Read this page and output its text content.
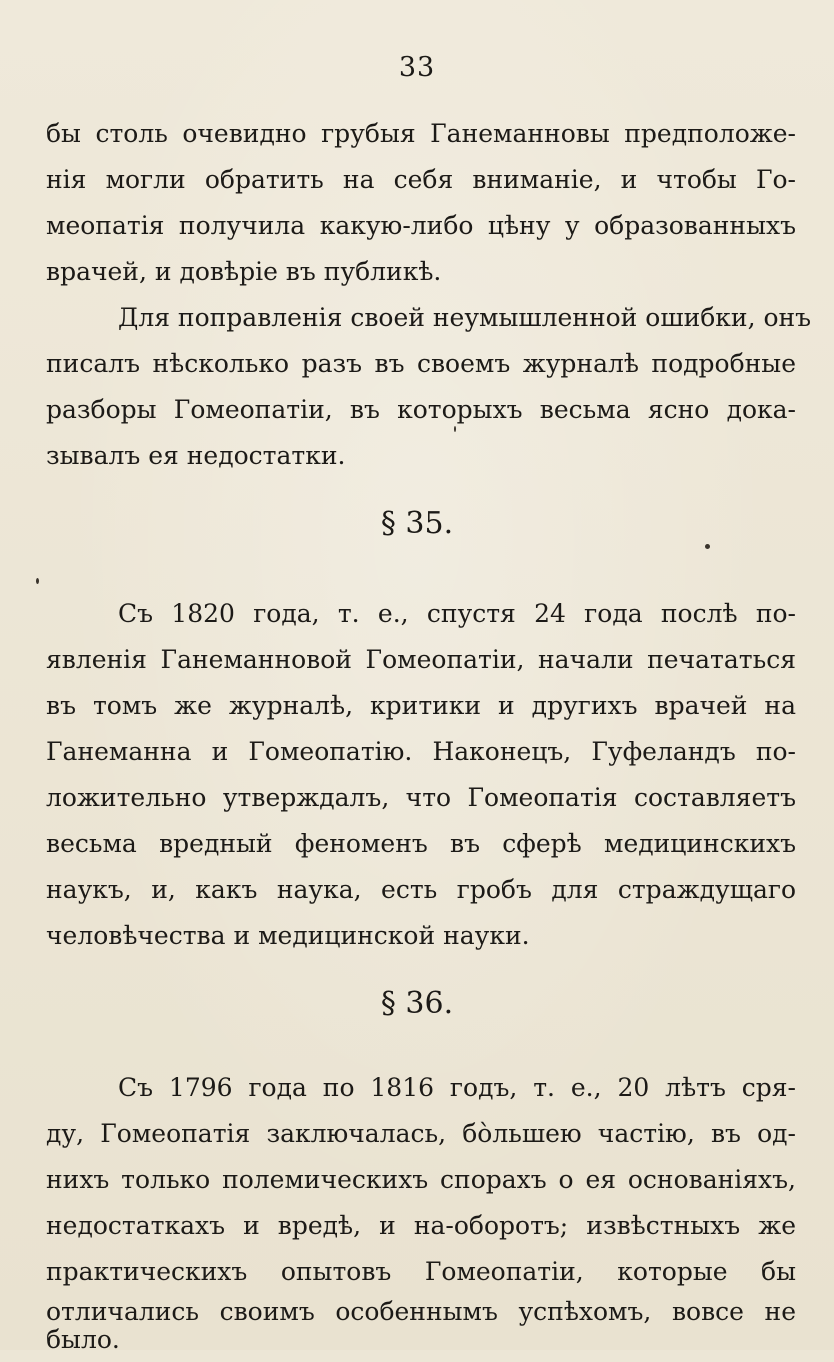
33

бы столь очевидно грубыя Ганеманновы предположе-

нія могли обратить на себя вниманіе, и чтобы Го-

меопатія получила какую-либо цѣну у образованныхъ

врачей, и довѣріе въ публикѣ.

Для поправленія своей неумышленной ошибки, онъ

писалъ нѣсколько разъ въ своемъ журналѣ подробные

разборы Гомеопатіи, въ которыхъ весьма ясно дока-

зывалъ ея недостатки.

§ 35.

Съ 1820 года, т. е., спустя 24 года послѣ по-

явленія Ганеманновой Гомеопатіи, начали печататься

въ томъ же журналѣ, критики и другихъ врачей на

Ганеманна и Гомеопатію. Наконецъ, Гуфеландъ по-

ложительно утверждалъ, что Гомеопатія составляетъ

весьма вредный феноменъ въ сферѣ медицинскихъ

наукъ, и, какъ наука, есть гробъ для страждущаго

человѣчества и медицинской науки.

§ 36.

Съ 1796 года по 1816 годъ, т. е., 20 лѣтъ сря-

ду, Гомеопатія заключалась, бо̀льшею частію, въ од-

нихъ только полемическихъ спорахъ о ея основаніяхъ,

недостаткахъ и вредѣ, и на-оборотъ; извѣстныхъ же

практическихъ опытовъ Гомеопатіи, которые бы

отличались своимъ особеннымъ успѣхомъ, вовсе не

было.
